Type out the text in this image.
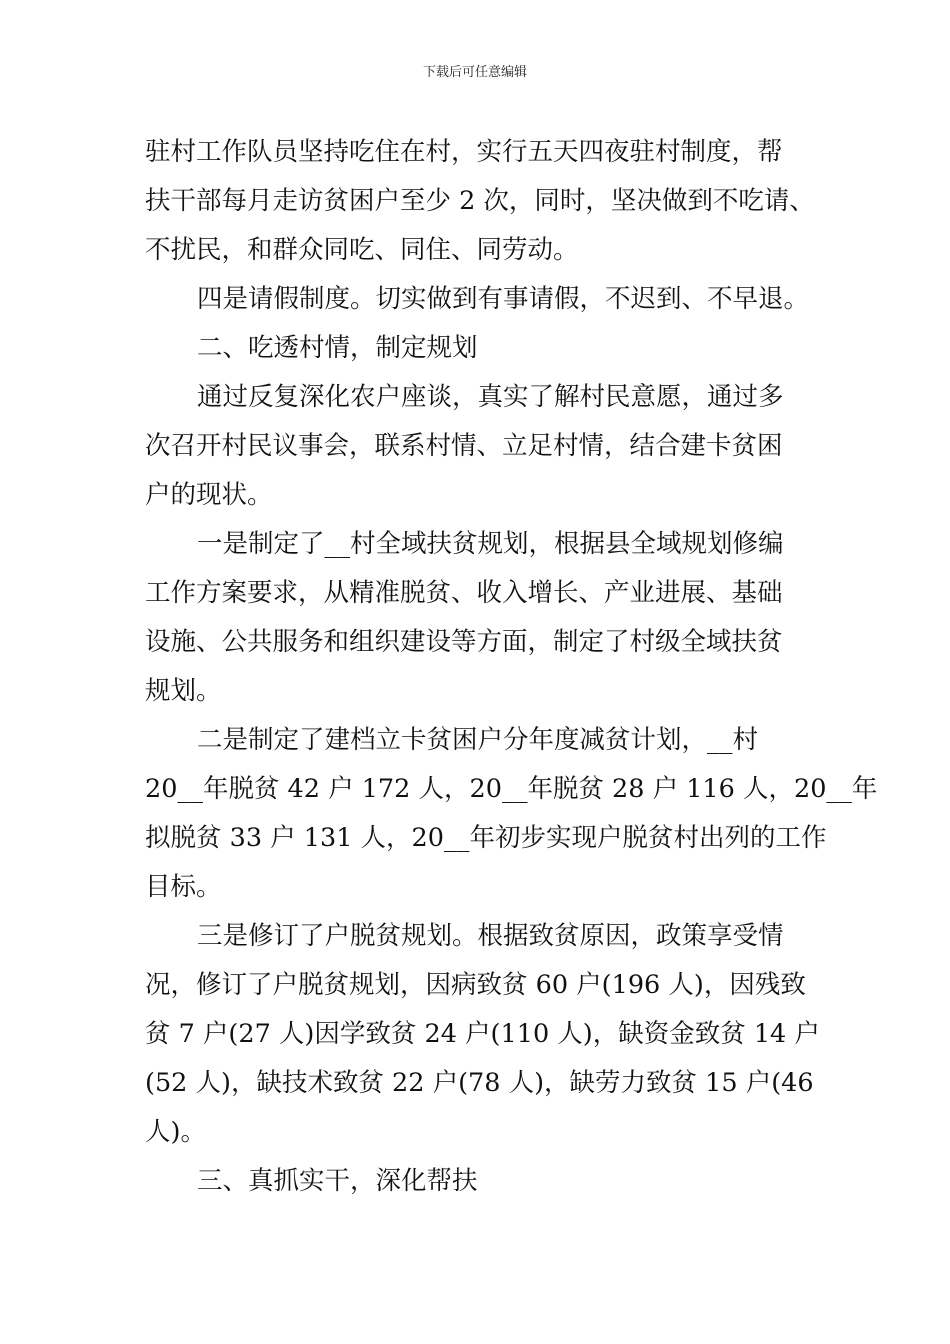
下载后可任意编辑
驻村工作队员坚持吃住在村，实行五天四夜驻村制度，帮
扶干部每月走访贫困户至少 2 次，同时，坚决做到不吃请、
不扰民，和群众同吃、同住、同劳动。
四是请假制度。切实做到有事请假，不迟到、不早退。
二、吃透村情，制定规划
通过反复深化农户座谈，真实了解村民意愿，通过多
次召开村民议事会，联系村情、立足村情，结合建卡贫困
户的现状。
一是制定了__村全域扶贫规划，根据县全域规划修编
工作方案要求，从精准脱贫、收入增长、产业进展、基础
设施、公共服务和组织建设等方面，制定了村级全域扶贫
规划。
二是制定了建档立卡贫困户分年度减贫计划，__村
20__年脱贫 42 户 172 人，20__年脱贫 28 户 116 人，20__年
拟脱贫 33 户 131 人，20__年初步实现户脱贫村出列的工作
目标。
三是修订了户脱贫规划。根据致贫原因，政策享受情
况，修订了户脱贫规划，因病致贫 60 户(196 人)，因残致
贫 7 户(27 人)因学致贫 24 户(110 人)，缺资金致贫 14 户
(52 人)，缺技术致贫 22 户(78 人)，缺劳力致贫 15 户(46
人)。
三、真抓实干，深化帮扶
